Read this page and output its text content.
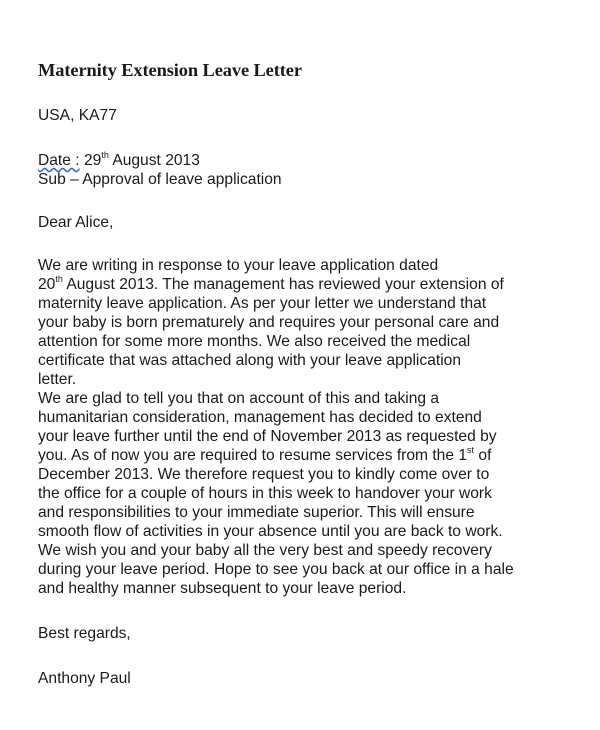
Maternity Extension Leave Letter
USA, KA77
Date : 29th August 2013
Sub – Approval of leave application
Dear Alice,
We are writing in response to your leave application dated
20th August 2013. The management has reviewed your extension of
maternity leave application. As per your letter we understand that
your baby is born prematurely and requires your personal care and
attention for some more months. We also received the medical
certificate that was attached along with your leave application
letter.
We are glad to tell you that on account of this and taking a
humanitarian consideration, management has decided to extend
your leave further until the end of November 2013 as requested by
you. As of now you are required to resume services from the 1st of
December 2013. We therefore request you to kindly come over to
the office for a couple of hours in this week to handover your work
and responsibilities to your immediate superior. This will ensure
smooth flow of activities in your absence until you are back to work.
We wish you and your baby all the very best and speedy recovery
during your leave period. Hope to see you back at our office in a hale
and healthy manner subsequent to your leave period.
Best regards,
Anthony Paul
